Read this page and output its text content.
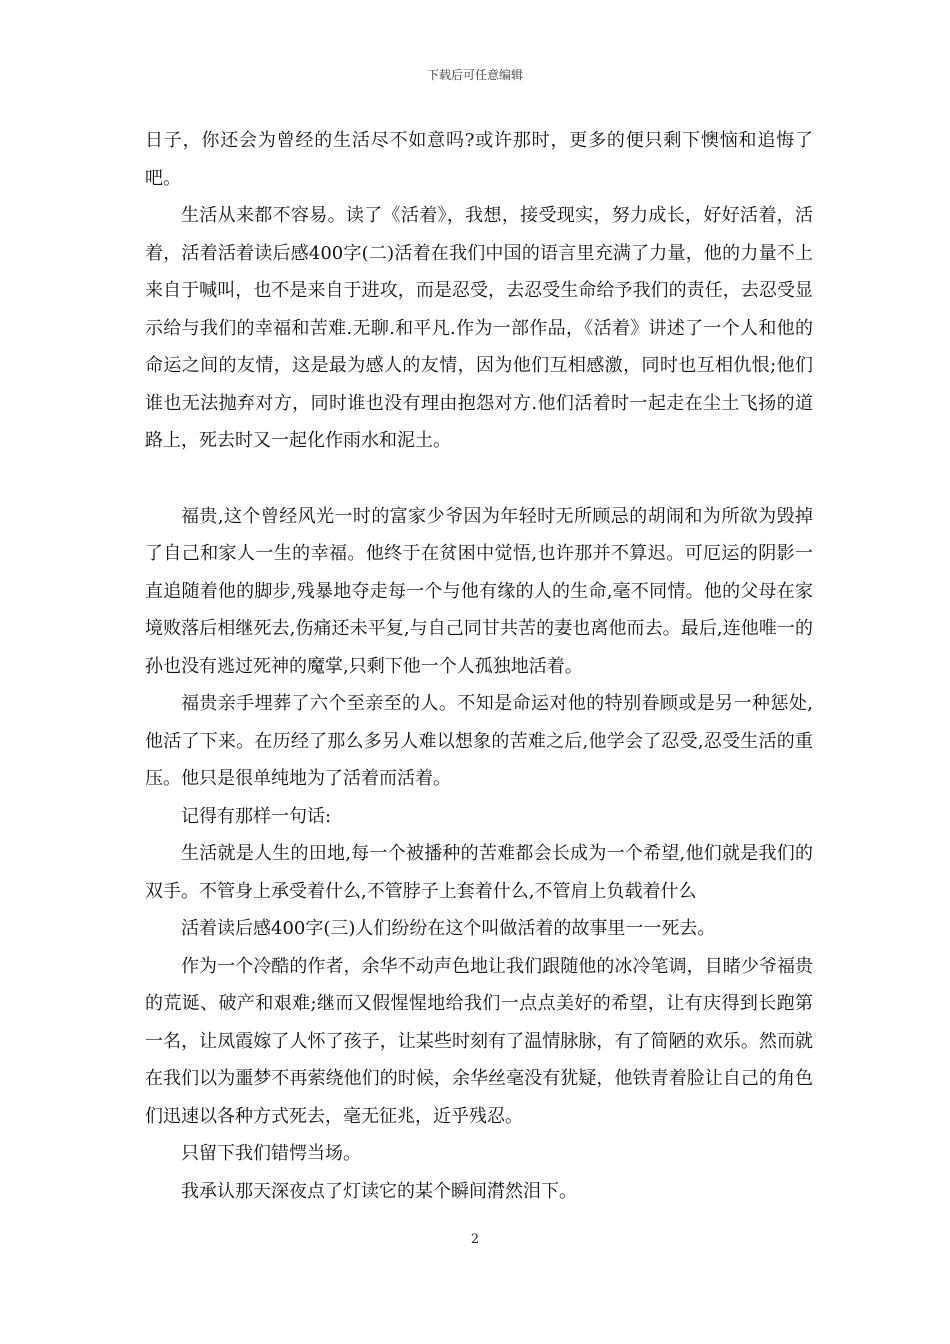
下载后可任意编辑

日子，你还会为曾经的生活尽不如意吗?或许那时，更多的便只剩下懊恼和追悔了吧。

生活从来都不容易。读了《活着》，我想，接受现实，努力成长，好好活着，活着，活着活着读后感400字(二)活着在我们中国的语言里充满了力量，他的力量不上来自于喊叫，也不是来自于进攻，而是忍受，去忍受生命给予我们的责任，去忍受显示给与我们的幸福和苦难.无聊.和平凡.作为一部作品，《活着》讲述了一个人和他的命运之间的友情，这是最为感人的友情，因为他们互相感激，同时也互相仇恨;他们谁也无法抛弃对方，同时谁也没有理由抱怨对方.他们活着时一起走在尘土飞扬的道路上，死去时又一起化作雨水和泥土。

福贵,这个曾经风光一时的富家少爷因为年轻时无所顾忌的胡闹和为所欲为毁掉了自己和家人一生的幸福。他终于在贫困中觉悟,也许那并不算迟。可厄运的阴影一直追随着他的脚步,残暴地夺走每一个与他有缘的人的生命,毫不同情。他的父母在家境败落后相继死去,伤痛还未平复,与自己同甘共苦的妻也离他而去。最后,连他唯一的孙也没有逃过死神的魔掌,只剩下他一个人孤独地活着。

福贵亲手埋葬了六个至亲至的人。不知是命运对他的特别眷顾或是另一种惩处,他活了下来。在历经了那么多另人难以想象的苦难之后,他学会了忍受,忍受生活的重压。他只是很单纯地为了活着而活着。

记得有那样一句话:

生活就是人生的田地,每一个被播种的苦难都会长成为一个希望,他们就是我们的双手。不管身上承受着什么,不管脖子上套着什么,不管肩上负载着什么

活着读后感400字(三)人们纷纷在这个叫做活着的故事里一一死去。

作为一个冷酷的作者，余华不动声色地让我们跟随他的冰冷笔调，目睹少爷福贵的荒诞、破产和艰难;继而又假惺惺地给我们一点点美好的希望，让有庆得到长跑第一名，让凤霞嫁了人怀了孩子，让某些时刻有了温情脉脉，有了简陋的欢乐。然而就在我们以为噩梦不再萦绕他们的时候，余华丝毫没有犹疑，他铁青着脸让自己的角色们迅速以各种方式死去，毫无征兆，近乎残忍。

只留下我们错愕当场。

我承认那天深夜点了灯读它的某个瞬间潸然泪下。

2
